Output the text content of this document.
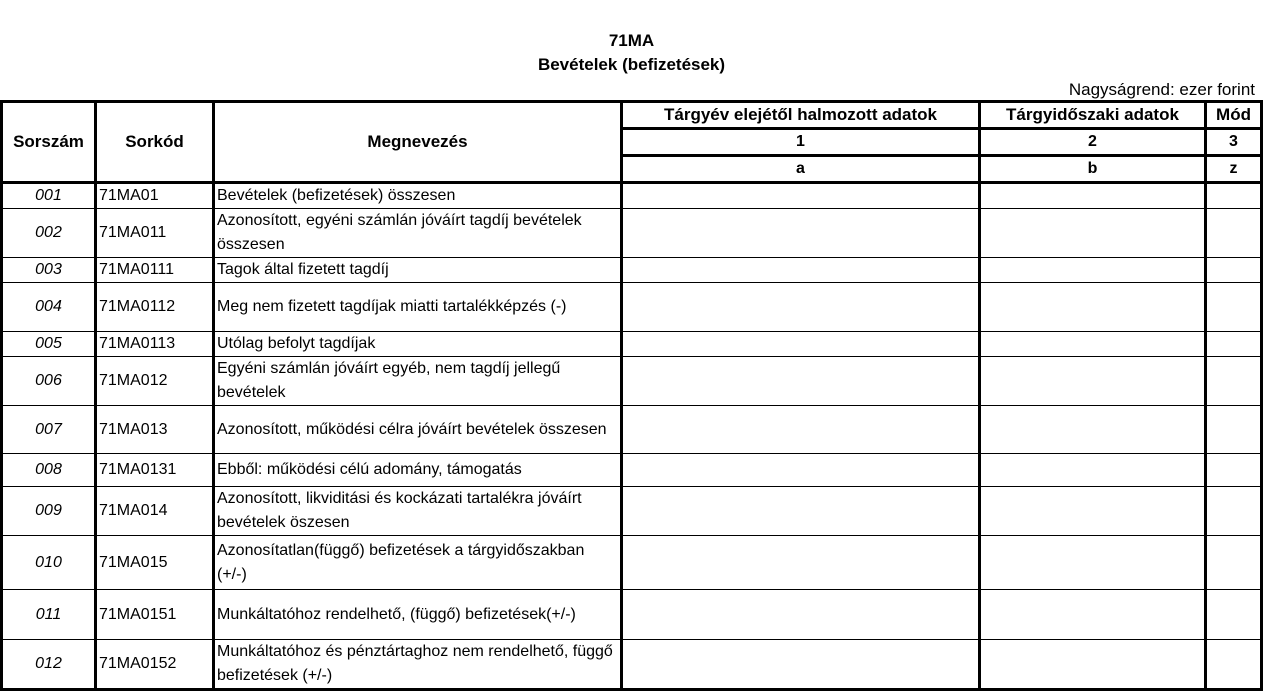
71MA
Bevételek (befizetések)
Nagyságrend: ezer forint
Sorszám	Sorkód	Megnevezés	Tárgyév elejétől halmozott adatok	Tárgyidőszaki adatok	Mód
			1	2	3
			a	b	z
001	71MA01	Bevételek (befizetések) összesen			
002	71MA011	Azonosított, egyéni számlán jóváírt tagdíj bevételek összesen			
003	71MA0111	Tagok által fizetett tagdíj			
004	71MA0112	Meg nem fizetett tagdíjak miatti tartalékképzés (-)			
005	71MA0113	Utólag befolyt tagdíjak			
006	71MA012	Egyéni számlán jóváírt egyéb, nem tagdíj jellegű bevételek			
007	71MA013	Azonosított, működési célra jóváírt bevételek összesen			
008	71MA0131	Ebből: működési célú adomány, támogatás			
009	71MA014	Azonosított, likviditási és kockázati tartalékra jóváírt bevételek öszesen			
010	71MA015	Azonosítatlan(függő) befizetések a tárgyidőszakban (+/-)			
011	71MA0151	Munkáltatóhoz rendelhető, (függő) befizetések(+/-)			
012	71MA0152	Munkáltatóhoz és pénztártaghoz nem rendelhető, függő befizetések (+/-)			
